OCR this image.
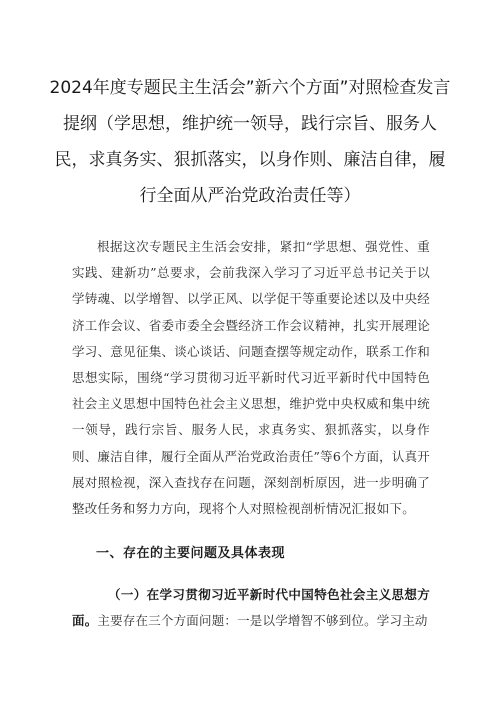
2024年度专题民主生活会”新六个方面”对照检查发言提纲（学思想，维护统一领导，践行宗旨、服务人民，求真务实、狠抓落实，以身作则、廉洁自律，履行全面从严治党政治责任等）

根据这次专题民主生活会安排，紧扣“学思想、强党性、重实践、建新功”总要求，会前我深入学习了习近平总书记关于以学铸魂、以学增智、以学正风、以学促干等重要论述以及中央经济工作会议、省委市委全会暨经济工作会议精神，扎实开展理论学习、意见征集、谈心谈话、问题查摆等规定动作，联系工作和思想实际，围绕“学习贯彻习近平新时代习近平新时代中国特色社会主义思想中国特色社会主义思想，维护党中央权威和集中统一领导，践行宗旨、服务人民，求真务实、狠抓落实，以身作则、廉洁自律，履行全面从严治党政治责任”等6个方面，认真开展对照检视，深入查找存在问题，深刻剖析原因，进一步明确了整改任务和努力方向，现将个人对照检视剖析情况汇报如下。

一、存在的主要问题及具体表现

（一）在学习贯彻习近平新时代中国特色社会主义思想方面。主要存在三个方面问题：一是以学增智不够到位。学习主动
